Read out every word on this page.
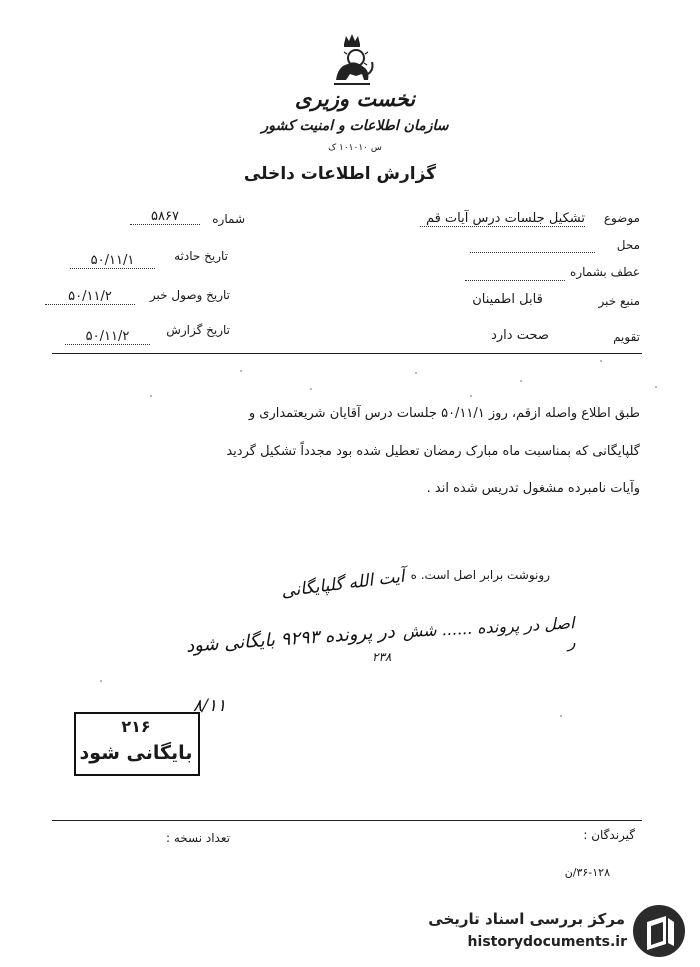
نخست وزیری
سازمان اطلاعات و امنیت کشور
س ۱۰۱۰۱۰ ک
گزارش اطلاعات داخلی
شماره
۵۸۶۷
تاریخ حادثه
۵۰/۱۱/۱
تاریخ وصول خبر
۵۰/۱۱/۲
تاریخ گزارش
۵۰/۱۱/۲
موضوع
تشکیل جلسات درس آیات قم
محل
عطف بشماره
منبع خبر
قابل اطمینان
تقویم
صحت دارد
طبق اطلاع واصله ازقم، روز ۵۰/۱۱/۱ جلسات درس آقایان شریعتمداری و
گلپایگانی که بمناسبت ماه مبارک رمضان تعطیل شده بود مجدداً تشکیل گردید
وآیات نامبرده مشغول تدریس شده اند .
رونوشت برابر اصل است. ه
آیت الله گلپایگانی
اصل در پرونده ...... شش ر
در پرونده ۹۲۹۳ بایگانی شود
۲۳۸
۸/۱۱
۲۱۶
بایگانی شود
گیرندگان :
تعداد نسخه :
۳۶-۱۲۸/ن
مرکز بررسی اسناد تاریخی
historydocuments.ir
